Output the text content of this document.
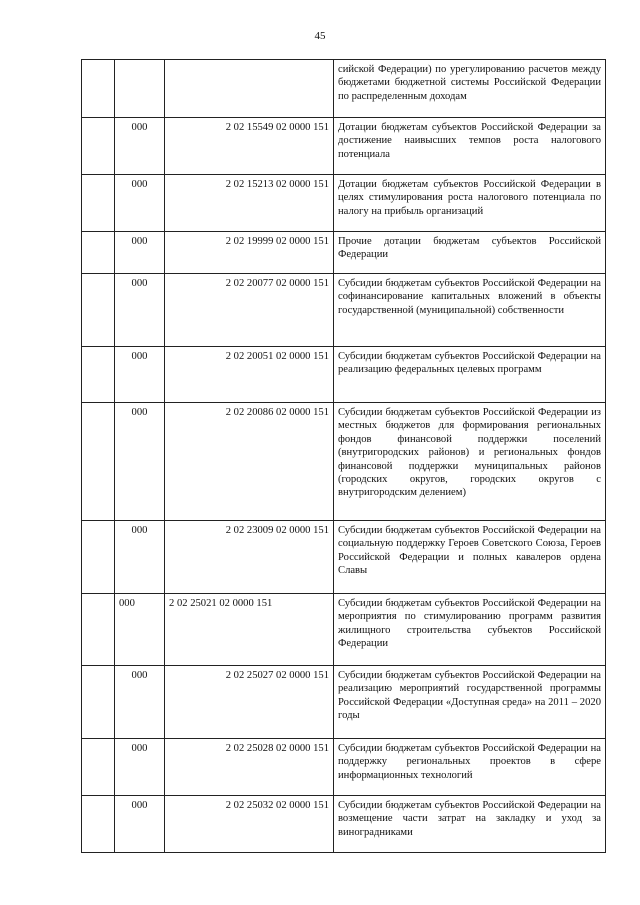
45
			сийской Федерации) по урегулированию расчетов между бюджетами бюджетной системы Российской Федерации по распределенным доходам
	000	2 02 15549 02 0000 151	Дотации бюджетам субъектов Российской Федерации за достижение наивысших темпов роста налогового потенциала
	000	2 02 15213 02 0000 151	Дотации бюджетам субъектов Российской Федерации в целях стимулирования роста налогового потенциала по налогу на прибыль организаций
	000	2 02 19999 02 0000 151	Прочие дотации бюджетам субъектов Российской Федерации
	000	2 02 20077 02 0000 151	Субсидии бюджетам субъектов Российской Федерации на софинансирование капитальных вложений в объекты государственной (муниципальной) собственности
	000	2 02 20051 02 0000 151	Субсидии бюджетам субъектов Российской Федерации на реализацию федеральных целевых программ
	000	2 02 20086 02 0000 151	Субсидии бюджетам субъектов Российской Федерации из местных бюджетов для формирования региональных фондов финансовой поддержки поселений (внутригородских районов) и региональных фондов финансовой поддержки муниципальных районов (городских округов, городских округов с внутригородским делением)
	000	2 02 23009 02 0000 151	Субсидии бюджетам субъектов Российской Федерации на социальную поддержку Героев Советского Союза, Героев Российской Федерации и полных кавалеров ордена Славы
	000	2 02 25021 02 0000 151	Субсидии бюджетам субъектов Российской Федерации на мероприятия по стимулированию программ развития жилищного строительства субъектов Российской Федерации
	000	2 02 25027 02 0000 151	Субсидии бюджетам субъектов Российской Федерации на реализацию мероприятий государственной программы Российской Федерации «Доступная среда» на 2011 – 2020 годы
	000	2 02 25028 02 0000 151	Субсидии бюджетам субъектов Российской Федерации на поддержку региональных проектов в сфере информационных технологий
	000	2 02 25032 02 0000 151	Субсидии бюджетам субъектов Российской Федерации на возмещение части затрат на закладку и уход за виноградниками
